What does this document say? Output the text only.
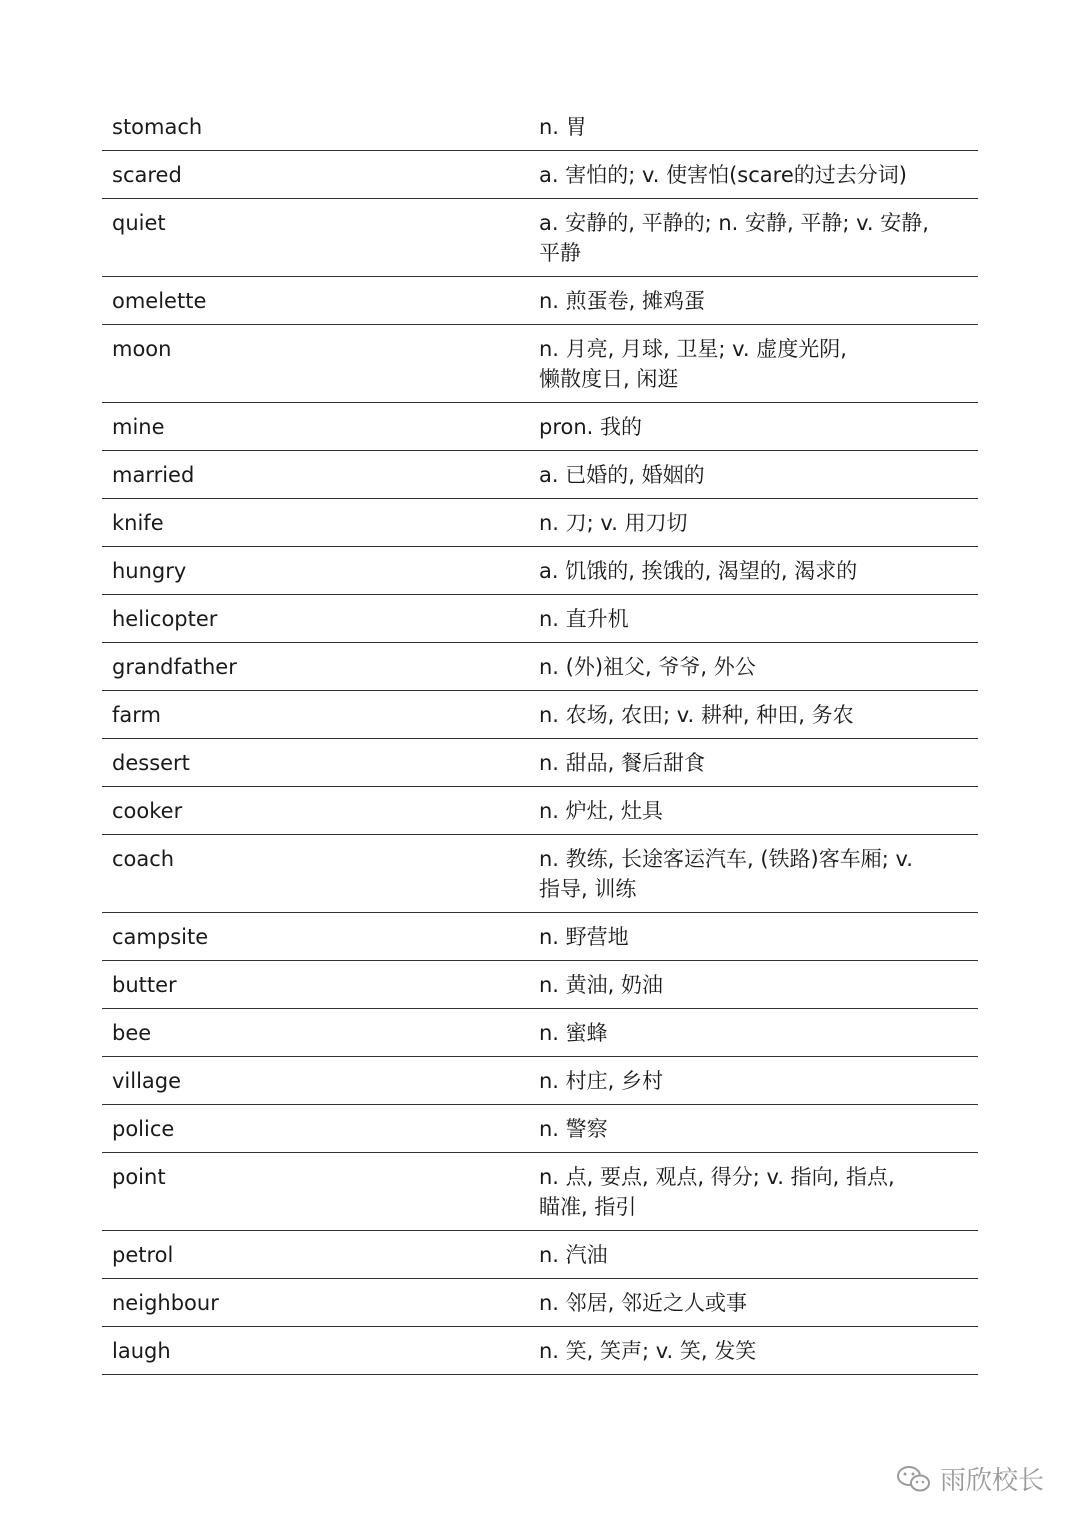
stomach	n. 胃
scared	a. 害怕的; v. 使害怕(scare的过去分词)
quiet	a. 安静的, 平静的; n. 安静, 平静; v. 安静,
平静
omelette	n. 煎蛋卷, 摊鸡蛋
moon	n. 月亮, 月球, 卫星; v. 虚度光阴,
懒散度日, 闲逛
mine	pron. 我的
married	a. 已婚的, 婚姻的
knife	n. 刀; v. 用刀切
hungry	a. 饥饿的, 挨饿的, 渴望的, 渴求的
helicopter	n. 直升机
grandfather	n. (外)祖父, 爷爷, 外公
farm	n. 农场, 农田; v. 耕种, 种田, 务农
dessert	n. 甜品, 餐后甜食
cooker	n. 炉灶, 灶具
coach	n. 教练, 长途客运汽车, (铁路)客车厢; v.
指导, 训练
campsite	n. 野营地
butter	n. 黄油, 奶油
bee	n. 蜜蜂
village	n. 村庄, 乡村
police	n. 警察
point	n. 点, 要点, 观点, 得分; v. 指向, 指点,
瞄准, 指引
petrol	n. 汽油
neighbour	n. 邻居, 邻近之人或事
laugh	n. 笑, 笑声; v. 笑, 发笑
雨欣校长
